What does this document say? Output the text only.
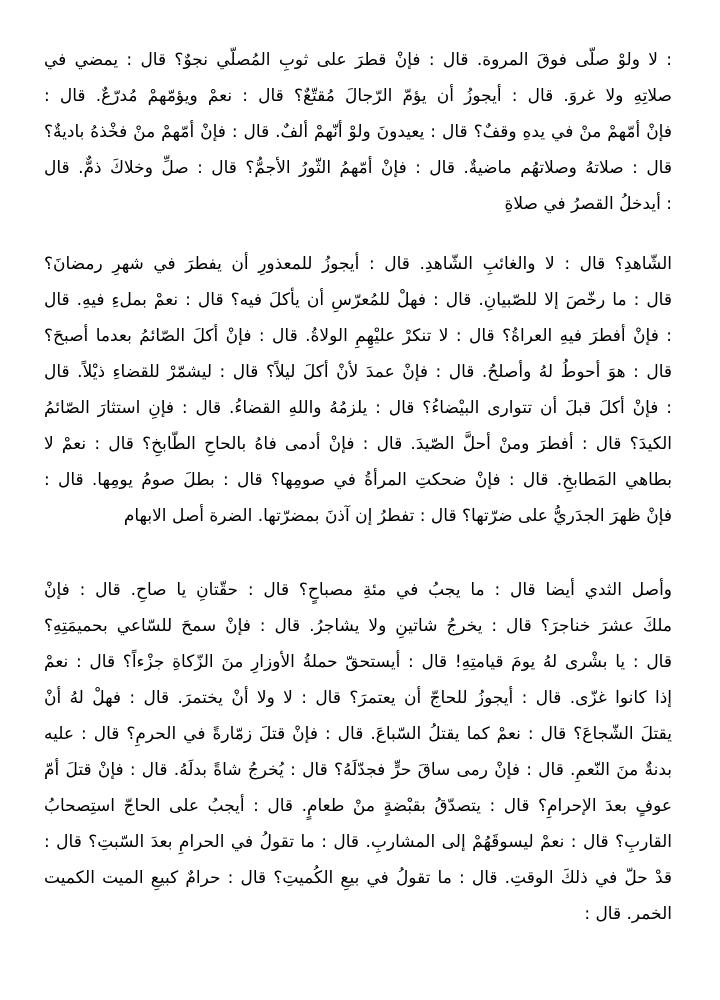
: لا ولوْ صلّى فوقَ المروة. قال : فإنْ قطرَ على ثوبِ المُصلّي نجوٌ؟ قال : يمضي في
صلاتِهِ ولا غروَ. قال : أيجوزُ أن يؤمّ الرّجالَ مُقتّعٌ؟ قال : نعمْ ويؤمّهمْ مُدرّعٌ. قال :
فإنْ أمّهمْ منْ في يدهِ وقفٌ؟ قال : يعيدونَ ولوْ أنّهمْ ألفٌ. قال : فإنْ أمّهمْ منْ فخْذهُ باديةٌ؟
قال : صلاتهُ وصلاتهُم ماضيةٌ. قال : فإنْ أمّهمُ الثّورُ الأجمُّ؟ قال : صلِّ وخلاكَ ذمٌّ. قال
: أيدخلُ القصرُ في صلاةِ
الشّاهدِ؟ قال : لا والغائبِ الشّاهدِ. قال : أيجوزُ للمعذورِ أن يفطرَ في شهرِ رمضانَ؟
قال : ما رخّصَ إلا للصّبيانِ. قال : فهلْ للمُعرّسِ أن يأكلَ فيه؟ قال : نعمْ بملءِ فيهِ. قال
: فإنْ أفطرَ فيهِ العراةُ؟ قال : لا تنكرْ عليْهِمِ الولاةُ. قال : فإنْ أكلَ الصّائمُ بعدما أصبحَ؟
قال : هوَ أحوطُ لهُ وأصلحُ. قال : فإنْ عمدَ لأنْ أكلَ ليلاً؟ قال : ليشمّرْ للقضاءِ ذيْلاً. قال
: فإنْ أكلَ قبلَ أن تتوارى البيْضاءُ؟ قال : يلزمُهُ واللهِ القضاءُ. قال : فإنِ استثارَ الصّائمُ
الكيدَ؟ قال : أفطرَ ومنْ أحلَّ الصّيدَ. قال : فإنْ أدمى فاهُ بالحاحِ الطّابخِ؟ قال : نعمْ لا
بطاهي المَطابخِ. قال : فإنْ ضحكتِ المرأةُ في صومِها؟ قال : بطلَ صومُ يومِها. قال :
فإنْ ظهرَ الجدَريُّ على ضرّتها؟ قال : تفطرُ إن آذنَ بمضرّتها. الضرة أصل الابهام
وأصل الثدي أيضا قال : ما يجبُ في مئةِ مصباحٍ؟ قال : حقّتانِ يا صاحِ. قال : فإنْ
ملكَ عشرَ خناجرَ؟ قال : يخرجُ شاتينِ ولا يشاجرُ. قال : فإنْ سمحَ للسّاعي بحميمَتِهِ؟
قال : يا بشْرى لهُ يومَ قيامتِهِ! قال : أيستحقّ حملةُ الأوزارِ منَ الزّكاةِ جزْءاً؟ قال : نعمْ
إذا كانوا غزّى. قال : أيجوزُ للحاجّ أن يعتمرَ؟ قال : لا ولا أنْ يختمرَ. قال : فهلْ لهُ أنْ
يقتلَ الشّجاعَ؟ قال : نعمْ كما يقتلُ السّباعَ. قال : فإنْ قتلَ زمّارةً في الحرمِ؟ قال : عليه
بدنةٌ منَ النّعمِ. قال : فإنْ رمى ساقَ حرٍّ فجدّلَهُ؟ قال : يُخرجُ شاةً بدلَهُ. قال : فإنْ قتلَ أمّ
عوفٍ بعدَ الإحرامِ؟ قال : يتصدّقُ بقبْضةٍ منْ طعامٍ. قال : أيجبُ على الحاجّ استِصحابُ
القاربِ؟ قال : نعمْ ليسوقَهُمْ إلى المشاربِ. قال : ما تقولُ في الحرامِ بعدَ السّبتِ؟ قال :
قدْ حلّ في ذلكَ الوقتِ. قال : ما تقولُ في بيعِ الكُميتِ؟ قال : حرامٌ كبيعِ الميت الكميت
الخمر. قال :
